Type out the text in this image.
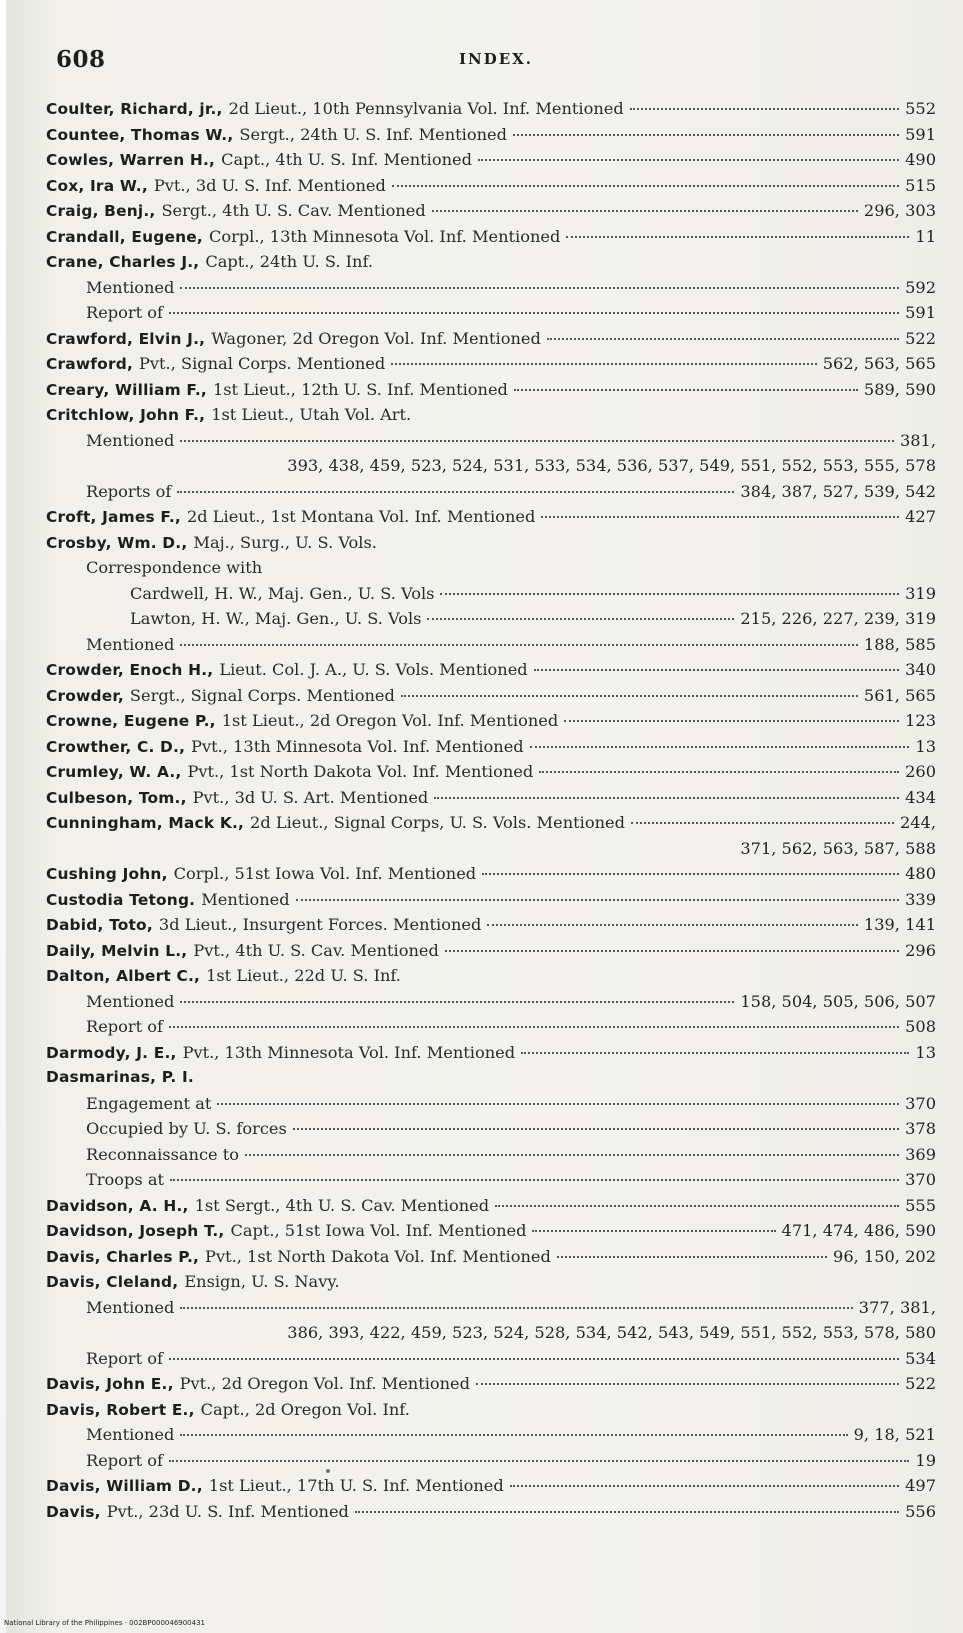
608	INDEX.
Coulter, Richard, jr., 2d Lieut., 10th Pennsylvania Vol. Inf. Mentioned	552
Countee, Thomas W., Sergt., 24th U. S. Inf. Mentioned	591
Cowles, Warren H., Capt., 4th U. S. Inf. Mentioned	490
Cox, Ira W., Pvt., 3d U. S. Inf. Mentioned	515
Craig, Benj., Sergt., 4th U. S. Cav. Mentioned	296, 303
Crandall, Eugene, Corpl., 13th Minnesota Vol. Inf. Mentioned	11
Crane, Charles J., Capt., 24th U. S. Inf.
Mentioned	592
Report of	591
Crawford, Elvin J., Wagoner, 2d Oregon Vol. Inf. Mentioned	522
Crawford, Pvt., Signal Corps. Mentioned	562, 563, 565
Creary, William F., 1st Lieut., 12th U. S. Inf. Mentioned	589, 590
Critchlow, John F., 1st Lieut., Utah Vol. Art.
Mentioned	381,
393, 438, 459, 523, 524, 531, 533, 534, 536, 537, 549, 551, 552, 553, 555, 578
Reports of	384, 387, 527, 539, 542
Croft, James F., 2d Lieut., 1st Montana Vol. Inf. Mentioned	427
Crosby, Wm. D., Maj., Surg., U. S. Vols.
Correspondence with
Cardwell, H. W., Maj. Gen., U. S. Vols	319
Lawton, H. W., Maj. Gen., U. S. Vols	215, 226, 227, 239, 319
Mentioned	188, 585
Crowder, Enoch H., Lieut. Col. J. A., U. S. Vols. Mentioned	340
Crowder, Sergt., Signal Corps. Mentioned	561, 565
Crowne, Eugene P., 1st Lieut., 2d Oregon Vol. Inf. Mentioned	123
Crowther, C. D., Pvt., 13th Minnesota Vol. Inf. Mentioned	13
Crumley, W. A., Pvt., 1st North Dakota Vol. Inf. Mentioned	260
Culbeson, Tom., Pvt., 3d U. S. Art. Mentioned	434
Cunningham, Mack K., 2d Lieut., Signal Corps, U. S. Vols. Mentioned	244,
371, 562, 563, 587, 588
Cushing John, Corpl., 51st Iowa Vol. Inf. Mentioned	480
Custodia Tetong. Mentioned	339
Dabid, Toto, 3d Lieut., Insurgent Forces. Mentioned	139, 141
Daily, Melvin L., Pvt., 4th U. S. Cav. Mentioned	296
Dalton, Albert C., 1st Lieut., 22d U. S. Inf.
Mentioned	158, 504, 505, 506, 507
Report of	508
Darmody, J. E., Pvt., 13th Minnesota Vol. Inf. Mentioned	13
Dasmarinas, P. I.
Engagement at	370
Occupied by U. S. forces	378
Reconnaissance to	369
Troops at	370
Davidson, A. H., 1st Sergt., 4th U. S. Cav. Mentioned	555
Davidson, Joseph T., Capt., 51st Iowa Vol. Inf. Mentioned	471, 474, 486, 590
Davis, Charles P., Pvt., 1st North Dakota Vol. Inf. Mentioned	96, 150, 202
Davis, Cleland, Ensign, U. S. Navy.
Mentioned	377, 381,
386, 393, 422, 459, 523, 524, 528, 534, 542, 543, 549, 551, 552, 553, 578, 580
Report of	534
Davis, John E., Pvt., 2d Oregon Vol. Inf. Mentioned	522
Davis, Robert E., Capt., 2d Oregon Vol. Inf.
Mentioned	9, 18, 521
Report of	19
Davis, William D., 1st Lieut., 17th U. S. Inf. Mentioned	497
Davis, Pvt., 23d U. S. Inf. Mentioned	556
National Library of the Philippines · 002BP000046900431
